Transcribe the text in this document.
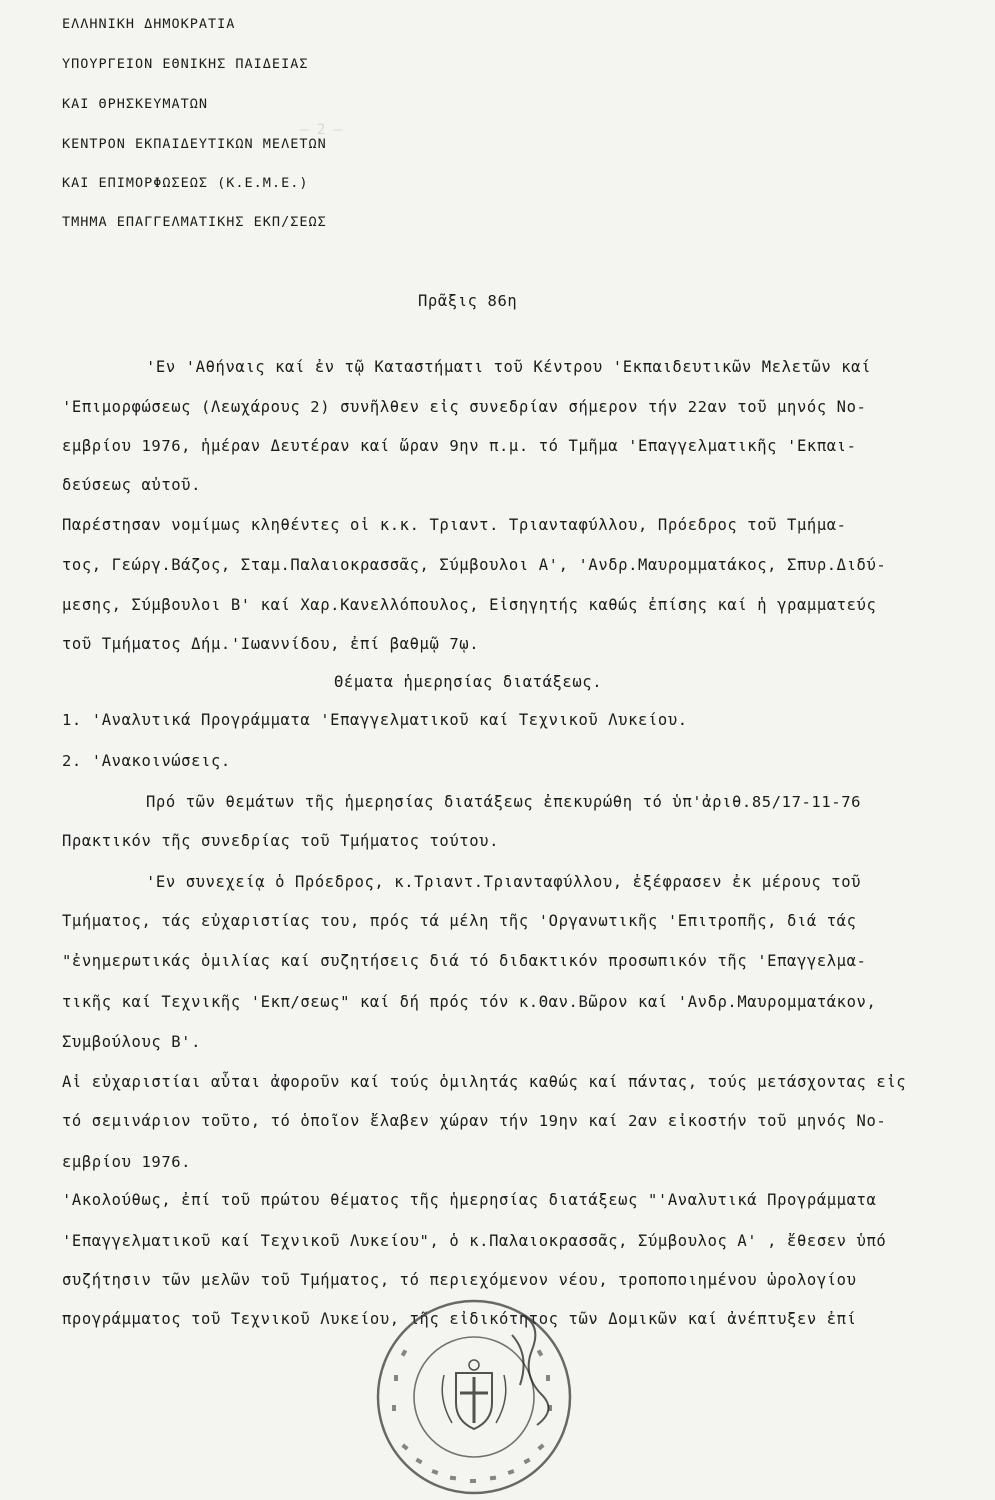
— 2 —
ΕΛΛΗΝΙΚΗ ΔΗΜΟΚΡΑΤΙΑ
ΥΠΟΥΡΓΕΙΟΝ ΕΘΝΙΚΗΣ ΠΑΙΔΕΙΑΣ
ΚΑΙ ΘΡΗΣΚΕΥΜΑΤΩΝ
ΚΕΝΤΡΟΝ ΕΚΠΑΙΔΕΥΤΙΚΩΝ ΜΕΛΕΤΩΝ
ΚΑΙ ΕΠΙΜΟΡΦΩΣΕΩΣ (Κ.Ε.Μ.Ε.)
ΤΜΗΜΑ ΕΠΑΓΓΕΛΜΑΤΙΚΗΣ ΕΚΠ/ΣΕΩΣ
Πρᾶξις 86η
'Εν 'Αθήναις καί ἐν τῷ Καταστήματι τοῦ Κέντρου 'Εκπαιδευτικῶν Μελετῶν καί
'Επιμορφώσεως (Λεωχάρους 2) συνῆλθεν εἰς συνεδρίαν σήμερον τήν 22αν τοῦ μηνός Νο-
εμβρίου 1976, ἡμέραν Δευτέραν καί ὥραν 9ην π.μ. τό Τμῆμα 'Επαγγελματικῆς 'Εκπαι-
δεύσεως αὐτοῦ.
Παρέστησαν νομίμως κληθέντες οἱ κ.κ. Τριαντ. Τριανταφύλλου, Πρόεδρος τοῦ Τμήμα-
τος, Γεώργ.Βάζος, Σταμ.Παλαιοκρασσᾶς, Σύμβουλοι Α', 'Ανδρ.Μαυρομματάκος, Σπυρ.Διδύ-
μεσης, Σύμβουλοι Β' καί Χαρ.Κανελλόπουλος, Εἰσηγητής καθώς ἐπίσης καί ἡ γραμματεύς
τοῦ Τμήματος Δήμ.'Ιωαννίδου, ἐπί βαθμῷ 7ῳ.
Θέματα ἡμερησίας διατάξεως.
1. 'Αναλυτικά Προγράμματα 'Επαγγελματικοῦ καί Τεχνικοῦ Λυκείου.
2. 'Ανακοινώσεις.
Πρό τῶν θεμάτων τῆς ἡμερησίας διατάξεως ἐπεκυρώθη τό ὑπ'ἀριθ.85/17-11-76
Πρακτικόν τῆς συνεδρίας τοῦ Τμήματος τούτου.
'Εν συνεχείᾳ ὁ Πρόεδρος, κ.Τριαντ.Τριανταφύλλου, ἐξέφρασεν ἐκ μέρους τοῦ
Τμήματος, τάς εὐχαριστίας του, πρός τά μέλη τῆς 'Οργανωτικῆς 'Επιτροπῆς, διά τάς
"ἐνημερωτικάς ὁμιλίας καί συζητήσεις διά τό διδακτικόν προσωπικόν τῆς 'Επαγγελμα-
τικῆς καί Τεχνικῆς 'Εκπ/σεως" καί δή πρός τόν κ.Θαν.Βῶρον καί 'Ανδρ.Μαυρομματάκον,
Συμβούλους Β'.
Αἱ εὐχαριστίαι αὗται ἀφοροῦν καί τούς ὁμιλητάς καθώς καί πάντας, τούς μετάσχοντας εἰς
τό σεμινάριον τοῦτο, τό ὁποῖον ἔλαβεν χώραν τήν 19ην καί 2αν εἰκοστήν τοῦ μηνός Νο-
εμβρίου 1976.
'Ακολούθως, ἐπί τοῦ πρώτου θέματος τῆς ἡμερησίας διατάξεως "'Αναλυτικά Προγράμματα
'Επαγγελματικοῦ καί Τεχνικοῦ Λυκείου", ὁ κ.Παλαιοκρασσᾶς, Σύμβουλος Α' , ἔθεσεν ὑπό
συζήτησιν τῶν μελῶν τοῦ Τμήματος, τό περιεχόμενον νέου, τροποποιημένου ὡρολογίου
προγράμματος τοῦ Τεχνικοῦ Λυκείου, τῆς εἰδικότητος τῶν Δομικῶν καί ἀνέπτυξεν ἐπί
